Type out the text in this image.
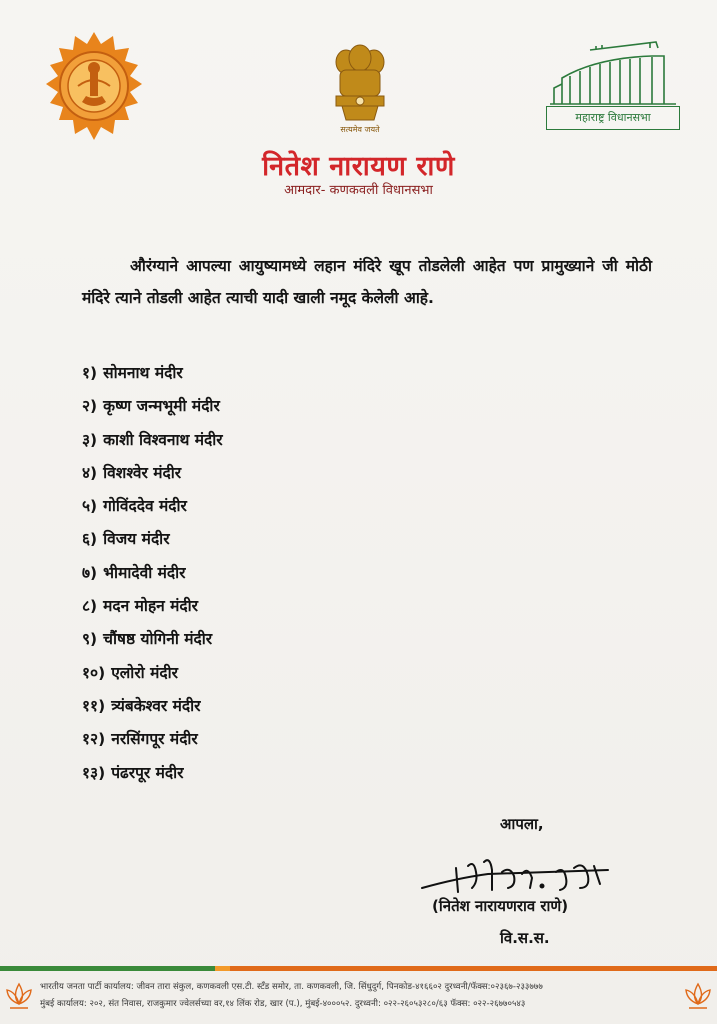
सत्यमेव जयते
महाराष्ट्र विधानसभा
नितेश नारायण राणे
आमदार- कणकवली विधानसभा
औरंग्याने आपल्या आयुष्यामध्ये लहान मंदिरे खूप तोडलेली आहेत पण प्रामुख्याने जी मोठी मंदिरे त्याने तोडली आहेत त्याची यादी खाली नमूद केलेली आहे.
१) सोमनाथ मंदीर
२) कृष्ण जन्मभूमी मंदीर
३) काशी विश्वनाथ मंदीर
४) विशश्वेर मंदीर
५) गोविंददेव मंदीर
६) विजय मंदीर
७) भीमादेवी मंदीर
८) मदन मोहन मंदीर
९) चौंषष्ठ योगिनी मंदीर
१०) एलोरो मंदीर
११) त्र्यंबकेश्वर मंदीर
१२) नरसिंगपूर मंदीर
१३) पंढरपूर मंदीर
आपला,
(नितेश नारायणराव राणे)
वि.स.स.
भारतीय जनता पार्टी कार्यालय: जीवन तारा संकुल, कणकवली एस.टी. स्टँड समोर, ता. कणकवली, जि. सिंधुदुर्ग, पिनकोड-४१६६०२ दुरध्वनी/फॅक्स:०२३६७-२३३७७७
मुंबई कार्यालय: २०२, संत निवास, राजकुमार ज्वेलर्सच्या वर,१४ लिंक रोड, खार (प.), मुंबई-४०००५२. दुरध्वनी: ०२२-२६०५३२८०/६३ फॅक्स: ०२२-२६७७०५४३
